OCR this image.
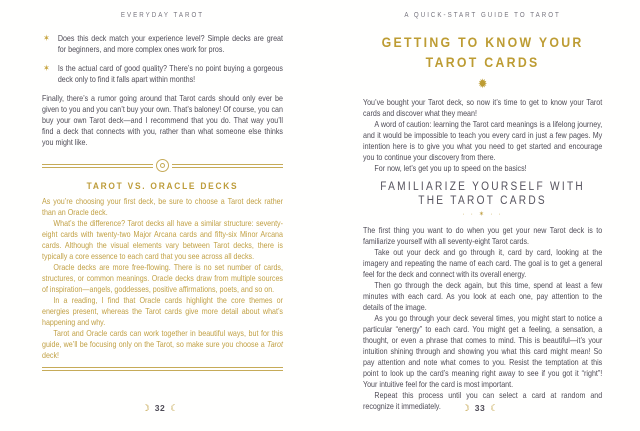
EVERYDAY TAROT
✶ Does this deck match your experience level? Simple decks are great for beginners, and more complex ones work for pros.
✶ Is the actual card of good quality? There’s no point buying a gorgeous deck only to find it falls apart within months!

Finally, there’s a rumor going around that Tarot cards should only ever be given to you and you can’t buy your own. That’s baloney! Of course, you can buy your own Tarot deck—and I recommend that you do. That way you’ll find a deck that connects with you, rather than what someone else thinks you might like.

TAROT VS. ORACLE DECKS

As you’re choosing your first deck, be sure to choose a Tarot deck rather than an Oracle deck.

What’s the difference? Tarot decks all have a similar structure: seventy-eight cards with twenty-two Major Arcana cards and fifty-six Minor Arcana cards. Although the visual elements vary between Tarot decks, there is typically a core essence to each card that you see across all decks.

Oracle decks are more free-flowing. There is no set number of cards, structures, or common meanings. Oracle decks draw from multiple sources of inspiration—angels, goddesses, positive affirmations, poets, and so on.

In a reading, I find that Oracle cards highlight the core themes or energies present, whereas the Tarot cards give more detail about what’s happening and why.

Tarot and Oracle cards can work together in beautiful ways, but for this guide, we’ll be focusing only on the Tarot, so make sure you choose a Tarot deck!

☽ 32 ☾
A QUICK-START GUIDE TO TAROT
GETTING TO KNOW YOUR
TAROT CARDS
✹

You’ve bought your Tarot deck, so now it’s time to get to know your Tarot cards and discover what they mean!

A word of caution: learning the Tarot card meanings is a lifelong journey, and it would be impossible to teach you every card in just a few pages. My intention here is to give you what you need to get started and encourage you to continue your discovery from there.

For now, let’s get you up to speed on the basics!

FAMILIARIZE YOURSELF WITH
THE TAROT CARDS
· · ✶ · ·

The first thing you want to do when you get your new Tarot deck is to familiarize yourself with all seventy-eight Tarot cards.

Take out your deck and go through it, card by card, looking at the imagery and repeating the name of each card. The goal is to get a general feel for the deck and connect with its overall energy.

Then go through the deck again, but this time, spend at least a few minutes with each card. As you look at each one, pay attention to the details of the image.

As you go through your deck several times, you might start to notice a particular “energy” to each card. You might get a feeling, a sensation, a thought, or even a phrase that comes to mind. This is beautiful—it’s your intuition shining through and showing you what this card might mean! So pay attention and note what comes to you. Resist the temptation at this point to look up the card’s meaning right away to see if you got it “right”! Your intuitive feel for the card is most important.

Repeat this process until you can select a card at random and recognize it immediately.	☽ 33 ☾
